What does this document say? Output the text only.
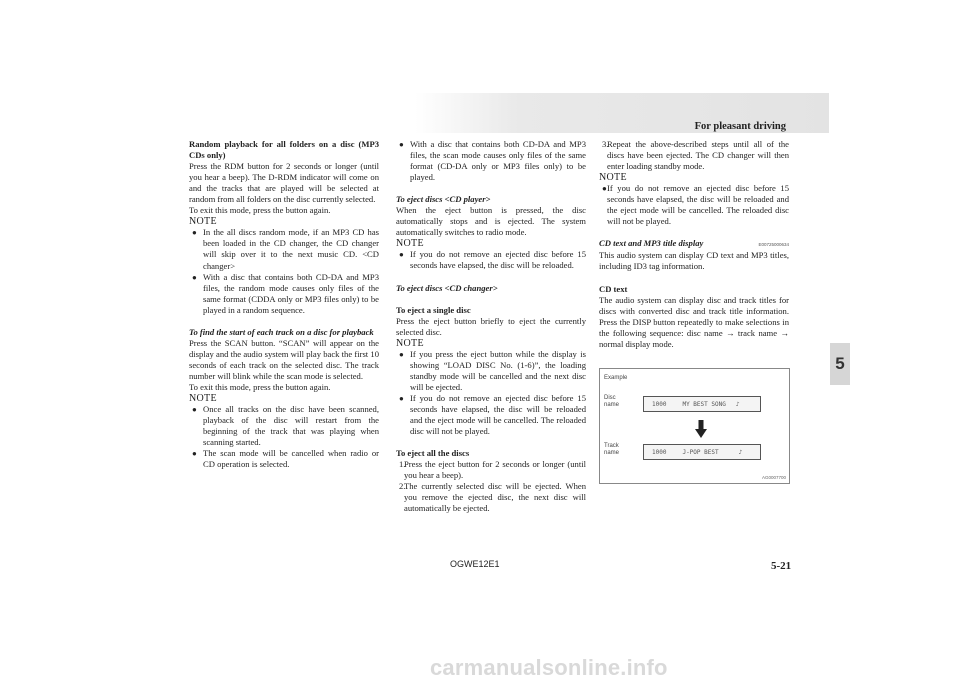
For pleasant driving
5

Random playback for all folders on a disc (MP3 CDs only)

Press the RDM button for 2 seconds or longer (until you hear a beep). The D-RDM indicator will come on and the tracks that are played will be selected at random from all folders on the disc currently selected.

To exit this mode, press the button again.

NOTE

● In the all discs random mode, if an MP3 CD has been loaded in the CD changer, the CD changer will skip over it to the next music CD. <CD changer>

● With a disc that contains both CD-DA and MP3 files, the random mode causes only files of the same format (CDDA only or MP3 files only) to be played in a random sequence.

To find the start of each track on a disc for playback

Press the SCAN button. “SCAN” will appear on the display and the audio system will play back the first 10 seconds of each track on the selected disc. The track number will blink while the scan mode is selected.

To exit this mode, press the button again.

NOTE

● Once all tracks on the disc have been scanned, playback of the disc will restart from the beginning of the track that was playing when scanning started.

● The scan mode will be cancelled when radio or CD operation is selected.

● With a disc that contains both CD-DA and MP3 files, the scan mode causes only files of the same format (CD-DA only or MP3 files only) to be played.

To eject discs <CD player>

When the eject button is pressed, the disc automatically stops and is ejected. The system automatically switches to radio mode.

NOTE

● If you do not remove an ejected disc before 15 seconds have elapsed, the disc will be reloaded.

To eject discs <CD changer>

To eject a single disc

Press the eject button briefly to eject the currently selected disc.

NOTE

● If you press the eject button while the display is showing “LOAD DISC No. (1-6)”, the loading standby mode will be cancelled and the next disc will be ejected.

● If you do not remove an ejected disc before 15 seconds have elapsed, the disc will be reloaded and the eject mode will be cancelled. The reloaded disc will not be played.

To eject all the discs

1.
Press the eject button for 2 seconds or longer (until you hear a beep).

2.
The currently selected disc will be ejected. When you remove the ejected disc, the next disc will automatically be ejected.

3.
Repeat the above-described steps until all of the discs have been ejected. The CD changer will then enter loading standby mode.

NOTE

● If you do not remove an ejected disc before 15 seconds have elapsed, the disc will be reloaded and the eject mode will be cancelled. The reloaded disc will not be played.

CD text and MP3 title display	E00725000634

This audio system can display CD text and MP3 titles, including ID3 tag information.

CD text

The audio system can display disc and track titles for discs with converted disc and track title information. Press the DISP button repeatedly to make selections in the following sequence: disc name → track name → normal display mode.

Example
Disc
name	1000	MY BEST SONG ♪
Track
name	1000	J-POP BEST	♪
AG0007700
OGWE12E1	5-21
carmanualsonline.info
